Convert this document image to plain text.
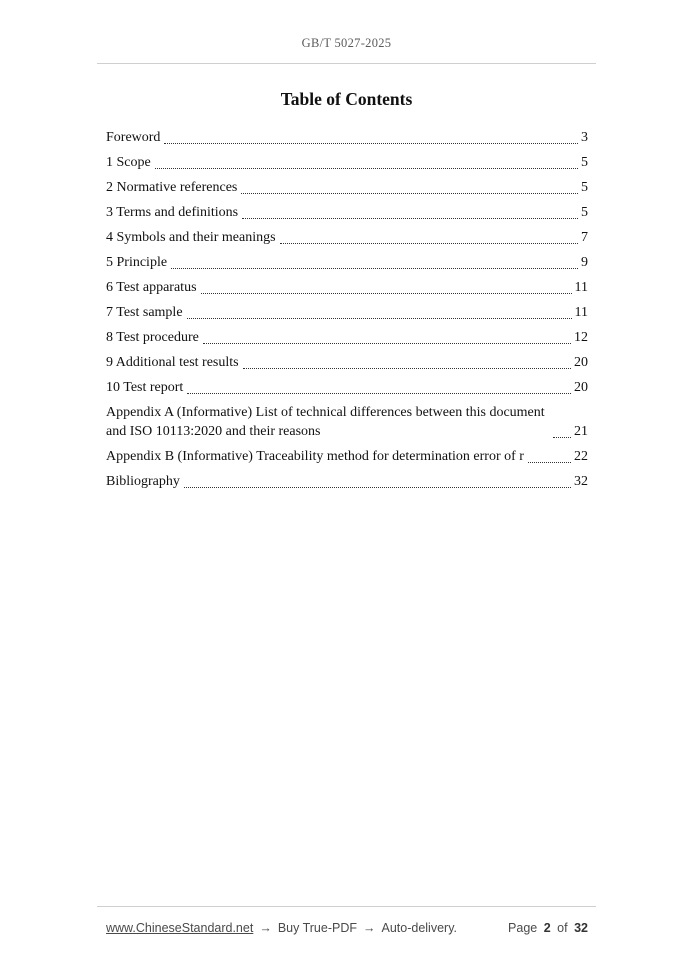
GB/T 5027-2025
Table of Contents
Foreword	3
1 Scope	5
2 Normative references	5
3 Terms and definitions	5
4 Symbols and their meanings	7
5 Principle	9
6 Test apparatus	11
7 Test sample	11
8 Test procedure	12
9 Additional test results	20
10 Test report	20
Appendix A (Informative) List of technical differences between this document and ISO 10113:2020 and their reasons	21
Appendix B (Informative) Traceability method for determination error of r	22
Bibliography	32
www.ChineseStandard.net → Buy True-PDF → Auto-delivery.	Page 2 of 32
